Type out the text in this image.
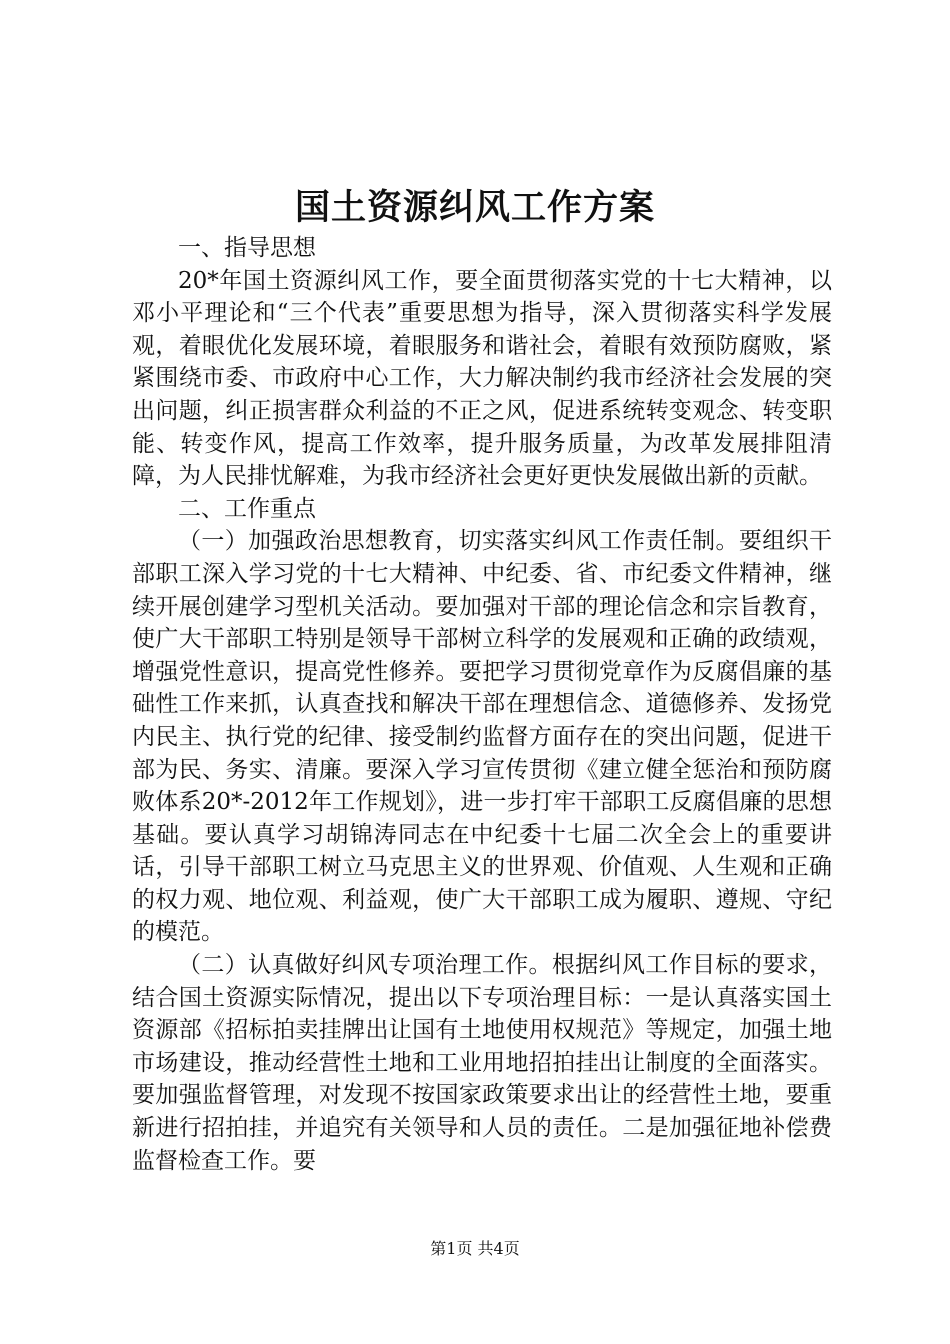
国土资源纠风工作方案

一、指导思想

20*年国土资源纠风工作，要全面贯彻落实党的十七大精神，以邓小平理论和“三个代表”重要思想为指导，深入贯彻落实科学发展观，着眼优化发展环境，着眼服务和谐社会，着眼有效预防腐败，紧紧围绕市委、市政府中心工作，大力解决制约我市经济社会发展的突出问题，纠正损害群众利益的不正之风，促进系统转变观念、转变职能、转变作风，提高工作效率，提升服务质量，为改革发展排阻清障，为人民排忧解难，为我市经济社会更好更快发展做出新的贡献。

二、工作重点

（一）加强政治思想教育，切实落实纠风工作责任制。要组织干部职工深入学习党的十七大精神、中纪委、省、市纪委文件精神，继续开展创建学习型机关活动。要加强对干部的理论信念和宗旨教育，使广大干部职工特别是领导干部树立科学的发展观和正确的政绩观，增强党性意识，提高党性修养。要把学习贯彻党章作为反腐倡廉的基础性工作来抓，认真查找和解决干部在理想信念、道德修养、发扬党内民主、执行党的纪律、接受制约监督方面存在的突出问题，促进干部为民、务实、清廉。要深入学习宣传贯彻《建立健全惩治和预防腐败体系20*-2012年工作规划》，进一步打牢干部职工反腐倡廉的思想基础。要认真学习胡锦涛同志在中纪委十七届二次全会上的重要讲话，引导干部职工树立马克思主义的世界观、价值观、人生观和正确的权力观、地位观、利益观，使广大干部职工成为履职、遵规、守纪的模范。

（二）认真做好纠风专项治理工作。根据纠风工作目标的要求，结合国土资源实际情况，提出以下专项治理目标：一是认真落实国土资源部《招标拍卖挂牌出让国有土地使用权规范》等规定，加强土地市场建设，推动经营性土地和工业用地招拍挂出让制度的全面落实。要加强监督管理，对发现不按国家政策要求出让的经营性土地，要重新进行招拍挂，并追究有关领导和人员的责任。二是加强征地补偿费监督检查工作。要

第1页 共4页
